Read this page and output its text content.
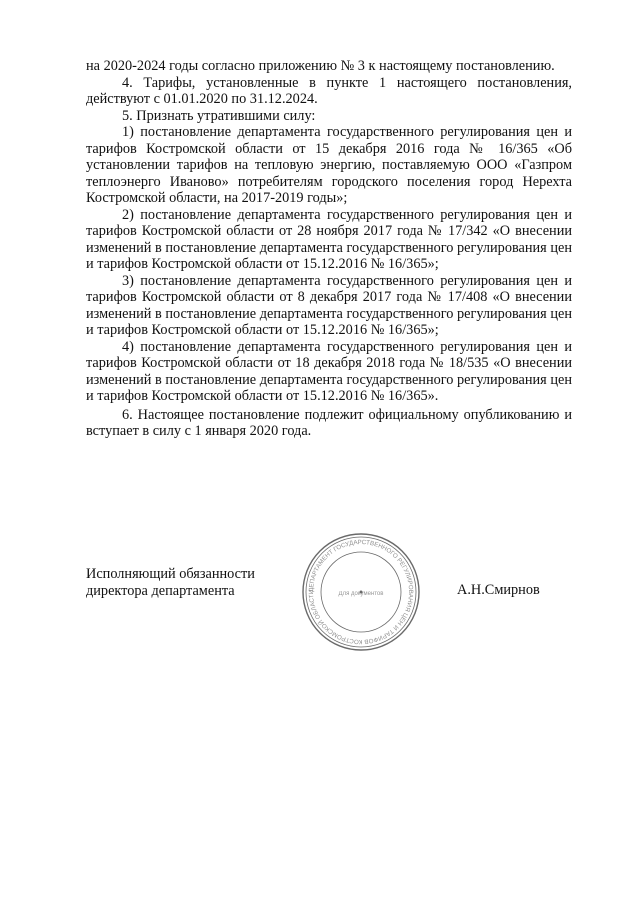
на 2020-2024 годы согласно приложению № 3 к настоящему постановлению.

4. Тарифы, установленные в пункте 1 настоящего постановления, действуют с 01.01.2020 по 31.12.2024.

5. Признать утратившими силу:

1) постановление департамента государственного регулирования цен и тарифов Костромской области от 15 декабря 2016 года № 16/365 «Об установлении тарифов на тепловую энергию, поставляемую ООО «Газпром теплоэнерго Иваново» потребителям городского поселения город Нерехта Костромской области, на 2017-2019 годы»;

2) постановление департамента государственного регулирования цен и тарифов Костромской области от 28 ноября 2017 года № 17/342 «О внесении изменений в постановление департамента государственного регулирования цен и тарифов Костромской области от 15.12.2016 № 16/365»;

3) постановление департамента государственного регулирования цен и тарифов Костромской области от 8 декабря 2017 года № 17/408 «О внесении изменений в постановление департамента государственного регулирования цен и тарифов Костромской области от 15.12.2016 № 16/365»;

4) постановление департамента государственного регулирования цен и тарифов Костромской области от 18 декабря 2018 года № 18/535 «О внесении изменений в постановление департамента государственного регулирования цен и тарифов Костромской области от 15.12.2016 № 16/365».

6. Настоящее постановление подлежит официальному опубликованию и вступает в силу с 1 января 2020 года.

Исполняющий обязанности
директора департамента	ДЕПАРТАМЕНТ ГОСУДАРСТВЕННОГО РЕГУЛИРОВАНИЯ ЦЕН И ТАРИФОВ КОСТРОМСКОЙ ОБЛАСТИ	Для документов	А.Н.Смирнов
